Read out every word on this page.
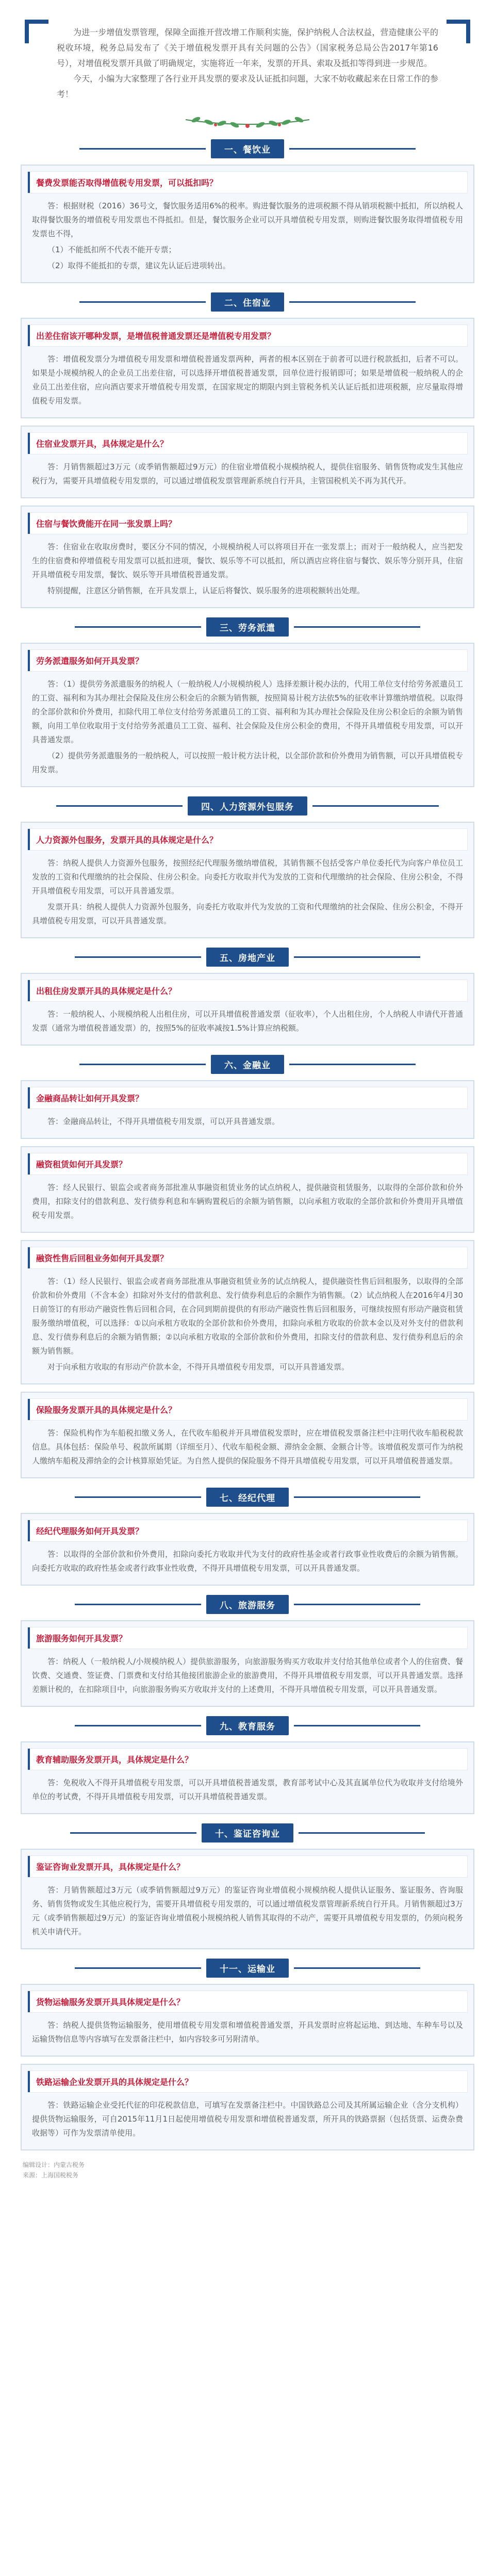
为进一步增值发票管理，保障全面推开营改增工作顺利实施，保护纳税人合法权益，营造健康公平的税收环境，税务总局发布了《关于增值税发票开具有关问题的公告》（国家税务总局公告2017年第16号），对增值税发票开具做了明确规定，实施将近一年来，发票的开具、索取及抵扣等得到进一步规范。

今天，小编为大家整理了各行业开具发票的要求及认证抵扣问题，大家不妨收藏起来在日常工作的参考！

一、餐饮业
餐费发票能否取得增值税专用发票，可以抵扣吗？

答：根据财税（2016）36号文，餐饮服务适用6%的税率。购进餐饮服务的进项税额不得从销项税额中抵扣，所以纳税人取得餐饮服务的增值税专用发票也不得抵扣。但是，餐饮服务企业可以开具增值税专用发票，则购进餐饮服务取得增值税专用发票也不得，

（1）不能抵扣所不代表不能开专票；

（2）取得不能抵扣的专票，建议先认证后进项转出。

二、住宿业
出差住宿该开哪种发票，是增值税普通发票还是增值税专用发票？

答：增值税发票分为增值税专用发票和增值税普通发票两种，两者的根本区别在于前者可以进行税款抵扣，后者不可以。如果是小规模纳税人的企业员工出差住宿，可以选择开增值税普通发票，回单位进行报销即可；如果是增值税一般纳税人的企业员工出差住宿，应向酒店要求开增值税专用发票，在国家规定的期限内到主管税务机关认证后抵扣进项税额，应尽量取得增值税专用发票。

住宿业发票开具，具体规定是什么？

答：月销售额超过3万元（或季销售额超过9万元）的住宿业增值税小规模纳税人，提供住宿服务、销售货物或发生其他应税行为，需要开具增值税专用发票的，可以通过增值税发票管理新系统自行开具，主管国税机关不再为其代开。

住宿与餐饮费能开在同一张发票上吗？

答：住宿业在收取房费时，要区分不同的情况，小规模纳税人可以将项目开在一张发票上；而对于一般纳税人，应当把发生的住宿费和停增值税专用发票可以抵扣进项，餐饮、娱乐等不可以抵扣，所以酒店应将住宿与餐饮、娱乐等分别开具，住宿开具增值税专用发票，餐饮、娱乐等开具增值税普通发票。

特别提醒，注意区分销售额，在开具发票上，认证后将餐饮、娱乐服务的进项税额转出处理。

三、劳务派遣
劳务派遣服务如何开具发票？

答：（1）提供劳务派遣服务的纳税人（一般纳税人/小规模纳税人）选择差额计税办法的，代用工单位支付给劳务派遣员工的工资、福利和为其办理社会保险及住房公积金后的余额为销售额，按照简易计税方法依5%的征收率计算缴纳增值税。以取得的全部价款和价外费用，扣除代用工单位支付给劳务派遣员工的工资、福利和为其办理社会保险及住房公积金后的余额为销售额，向用工单位收取用于支付给劳务派遣员工工资、福利、社会保险及住房公积金的费用，不得开具增值税专用发票，可以开具普通发票。

（2）提供劳务派遣服务的一般纳税人，可以按照一般计税方法计税，以全部价款和价外费用为销售额，可以开具增值税专用发票。

四、人力资源外包服务
人力资源外包服务，发票开具的具体规定是什么？

答：纳税人提供人力资源外包服务，按照经纪代理服务缴纳增值税，其销售额不包括受客户单位委托代为向客户单位员工发放的工资和代理缴纳的社会保险、住房公积金。向委托方收取并代为发放的工资和代理缴纳的社会保险、住房公积金，不得开具增值税专用发票，可以开具普通发票。

发票开具：纳税人提供人力资源外包服务，向委托方收取并代为发放的工资和代理缴纳的社会保险、住房公积金，不得开具增值税专用发票，可以开具普通发票。

五、房地产业
出租住房发票开具的具体规定是什么？

答：一般纳税人、小规模纳税人出租住房，可以开具增值税普通发票（征收率），个人出租住房，个人纳税人申请代开普通发票（通常为增值税普通发票）的，按照5%的征收率减按1.5%计算应纳税额。

六、金融业
金融商品转让如何开具发票？

答：金融商品转让，不得开具增值税专用发票，可以开具普通发票。

融资租赁如何开具发票？

答：经人民银行、银监会或者商务部批准从事融资租赁业务的试点纳税人，提供融资租赁服务，以取得的全部价款和价外费用，扣除支付的借款利息、发行债券利息和车辆购置税后的余额为销售额，以向承租方收取的全部价款和价外费用开具增值税专用发票。

融资性售后回租业务如何开具发票？

答：（1）经人民银行、银监会或者商务部批准从事融资租赁业务的试点纳税人，提供融资性售后回租服务，以取得的全部价款和价外费用（不含本金）扣除对外支付的借款利息、发行债券利息后的余额作为销售额。（2）试点纳税人在2016年4月30日前签订的有形动产融资性售后回租合同，在合同到期前提供的有形动产融资性售后回租服务，可继续按照有形动产融资租赁服务缴纳增值税，可以选择：①以向承租方收取的全部价款和价外费用，扣除向承租方收取的价款本金以及对外支付的借款利息、发行债券利息后的余额为销售额；②以向承租方收取的全部价款和价外费用，扣除支付的借款利息、发行债券利息后的余额为销售额。

对于向承租方收取的有形动产价款本金，不得开具增值税专用发票，可以开具普通发票。

保险服务发票开具的具体规定是什么？

答：保险机构作为车船税扣缴义务人，在代收车船税并开具增值税发票时，应在增值税发票备注栏中注明代收车船税税款信息。具体包括：保险单号、税款所属期（详细至月）、代收车船税金额、滞纳金金额、金额合计等。该增值税发票可作为纳税人缴纳车船税及滞纳金的会计核算原始凭证。为自然人提供的保险服务不得开具增值税专用发票，可以开具增值税普通发票。

七、经纪代理
经纪代理服务如何开具发票？

答：以取得的全部价款和价外费用，扣除向委托方收取并代为支付的政府性基金或者行政事业性收费后的余额为销售额。向委托方收取的政府性基金或者行政事业性收费，不得开具增值税专用发票，可以开具普通发票。

八、旅游服务
旅游服务如何开具发票？

答：纳税人（一般纳税人/小规模纳税人）提供旅游服务，向旅游服务购买方收取并支付给其他单位或者个人的住宿费、餐饮费、交通费、签证费、门票费和支付给其他接团旅游企业的旅游费用，不得开具增值税专用发票，可以开具普通发票。选择差额计税的，在扣除项目中，向旅游服务购买方收取并支付的上述费用，不得开具增值税专用发票，可以开具普通发票。

九、教育服务
教育辅助服务发票开具，具体规定是什么？

答：免税收入不得开具增值税专用发票，可以开具增值税普通发票，教育部考试中心及其直属单位代为收取并支付给境外单位的考试费，不得开具增值税专用发票，可以开具增值税普通发票。

十、鉴证咨询业
鉴证咨询业发票开具，具体规定是什么？

答：月销售额超过3万元（或季销售额超过9万元）的鉴证咨询业增值税小规模纳税人提供认证服务、鉴证服务、咨询服务、销售货物或发生其他应税行为，需要开具增值税专用发票的，可以通过增值税发票管理新系统自行开具。月销售额超过3万元（或季销售额超过9万元）的鉴证咨询业增值税小规模纳税人销售其取得的不动产，需要开具增值税专用发票的，仍须向税务机关申请代开。

十一、运输业
货物运输服务发票开具具体规定是什么？

答：纳税人提供货物运输服务，使用增值税专用发票和增值税普通发票，开具发票时应将起运地、到达地、车种车号以及运输货物信息等内容填写在发票备注栏中，如内容较多可另附清单。

铁路运输企业发票开具的具体规定是什么？

答：铁路运输企业受托代征的印花税款信息，可填写在发票备注栏中。中国铁路总公司及其所属运输企业（含分支机构）提供货物运输服务，可自2015年11月1日起使用增值税专用发票和增值税普通发票，所开具的铁路票据（包括货票、运费杂费收据等）可作为发票清单使用。

编辑设计：内蒙古税务
来源：上海国税税务
